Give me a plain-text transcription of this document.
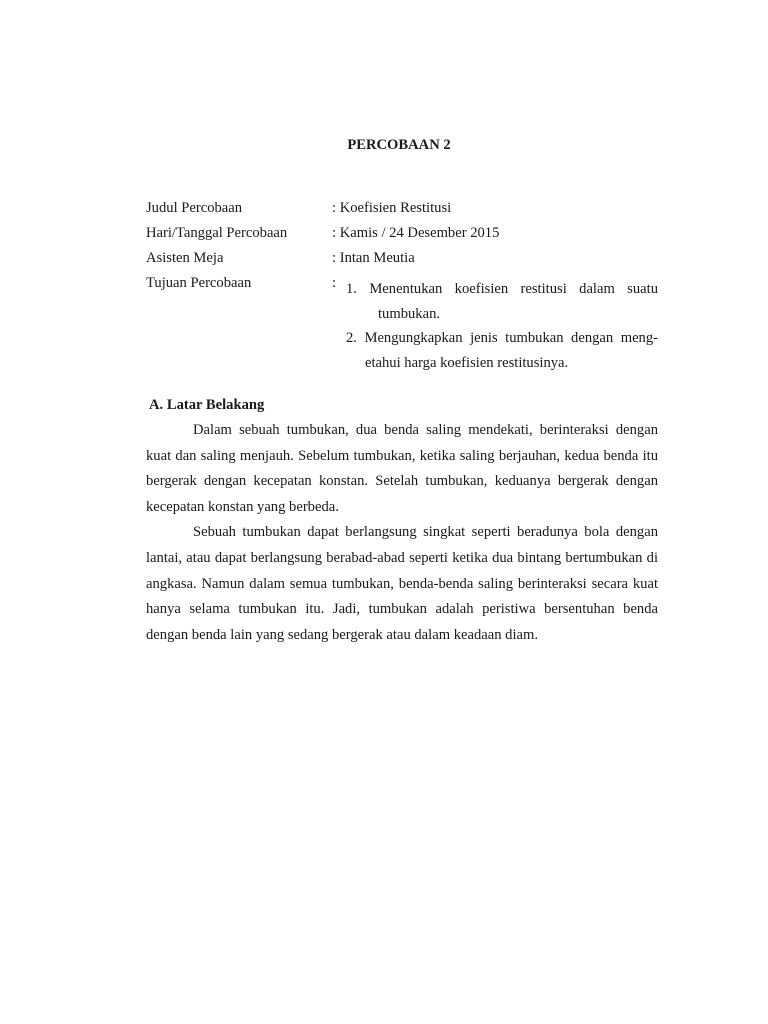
PERCOBAAN 2
Judul Percobaan	: Koefisien Restitusi
Hari/Tanggal Percobaan	: Kamis / 24 Desember 2015
Asisten Meja	: Intan Meutia
Tujuan Percobaan	: 1. Menentukan koefisien restitusi dalam suatu
tumbukan.
2. Mengungkapkan jenis tumbukan dengan meng-
etahui harga koefisien restitusinya.
A. Latar Belakang

Dalam sebuah tumbukan, dua benda saling mendekati, berinteraksi dengan kuat dan saling menjauh. Sebelum tumbukan, ketika saling berjauhan, kedua benda itu bergerak dengan kecepatan konstan. Setelah tumbukan, keduanya bergerak dengan kecepatan konstan yang berbeda.

Sebuah tumbukan dapat berlangsung singkat seperti beradunya bola dengan lantai, atau dapat berlangsung berabad-abad seperti ketika dua bintang bertumbukan di angkasa. Namun dalam semua tumbukan, benda-benda saling berinteraksi secara kuat hanya selama tumbukan itu. Jadi, tumbukan adalah peristiwa bersentuhan benda dengan benda lain yang sedang bergerak atau dalam keadaan diam.
